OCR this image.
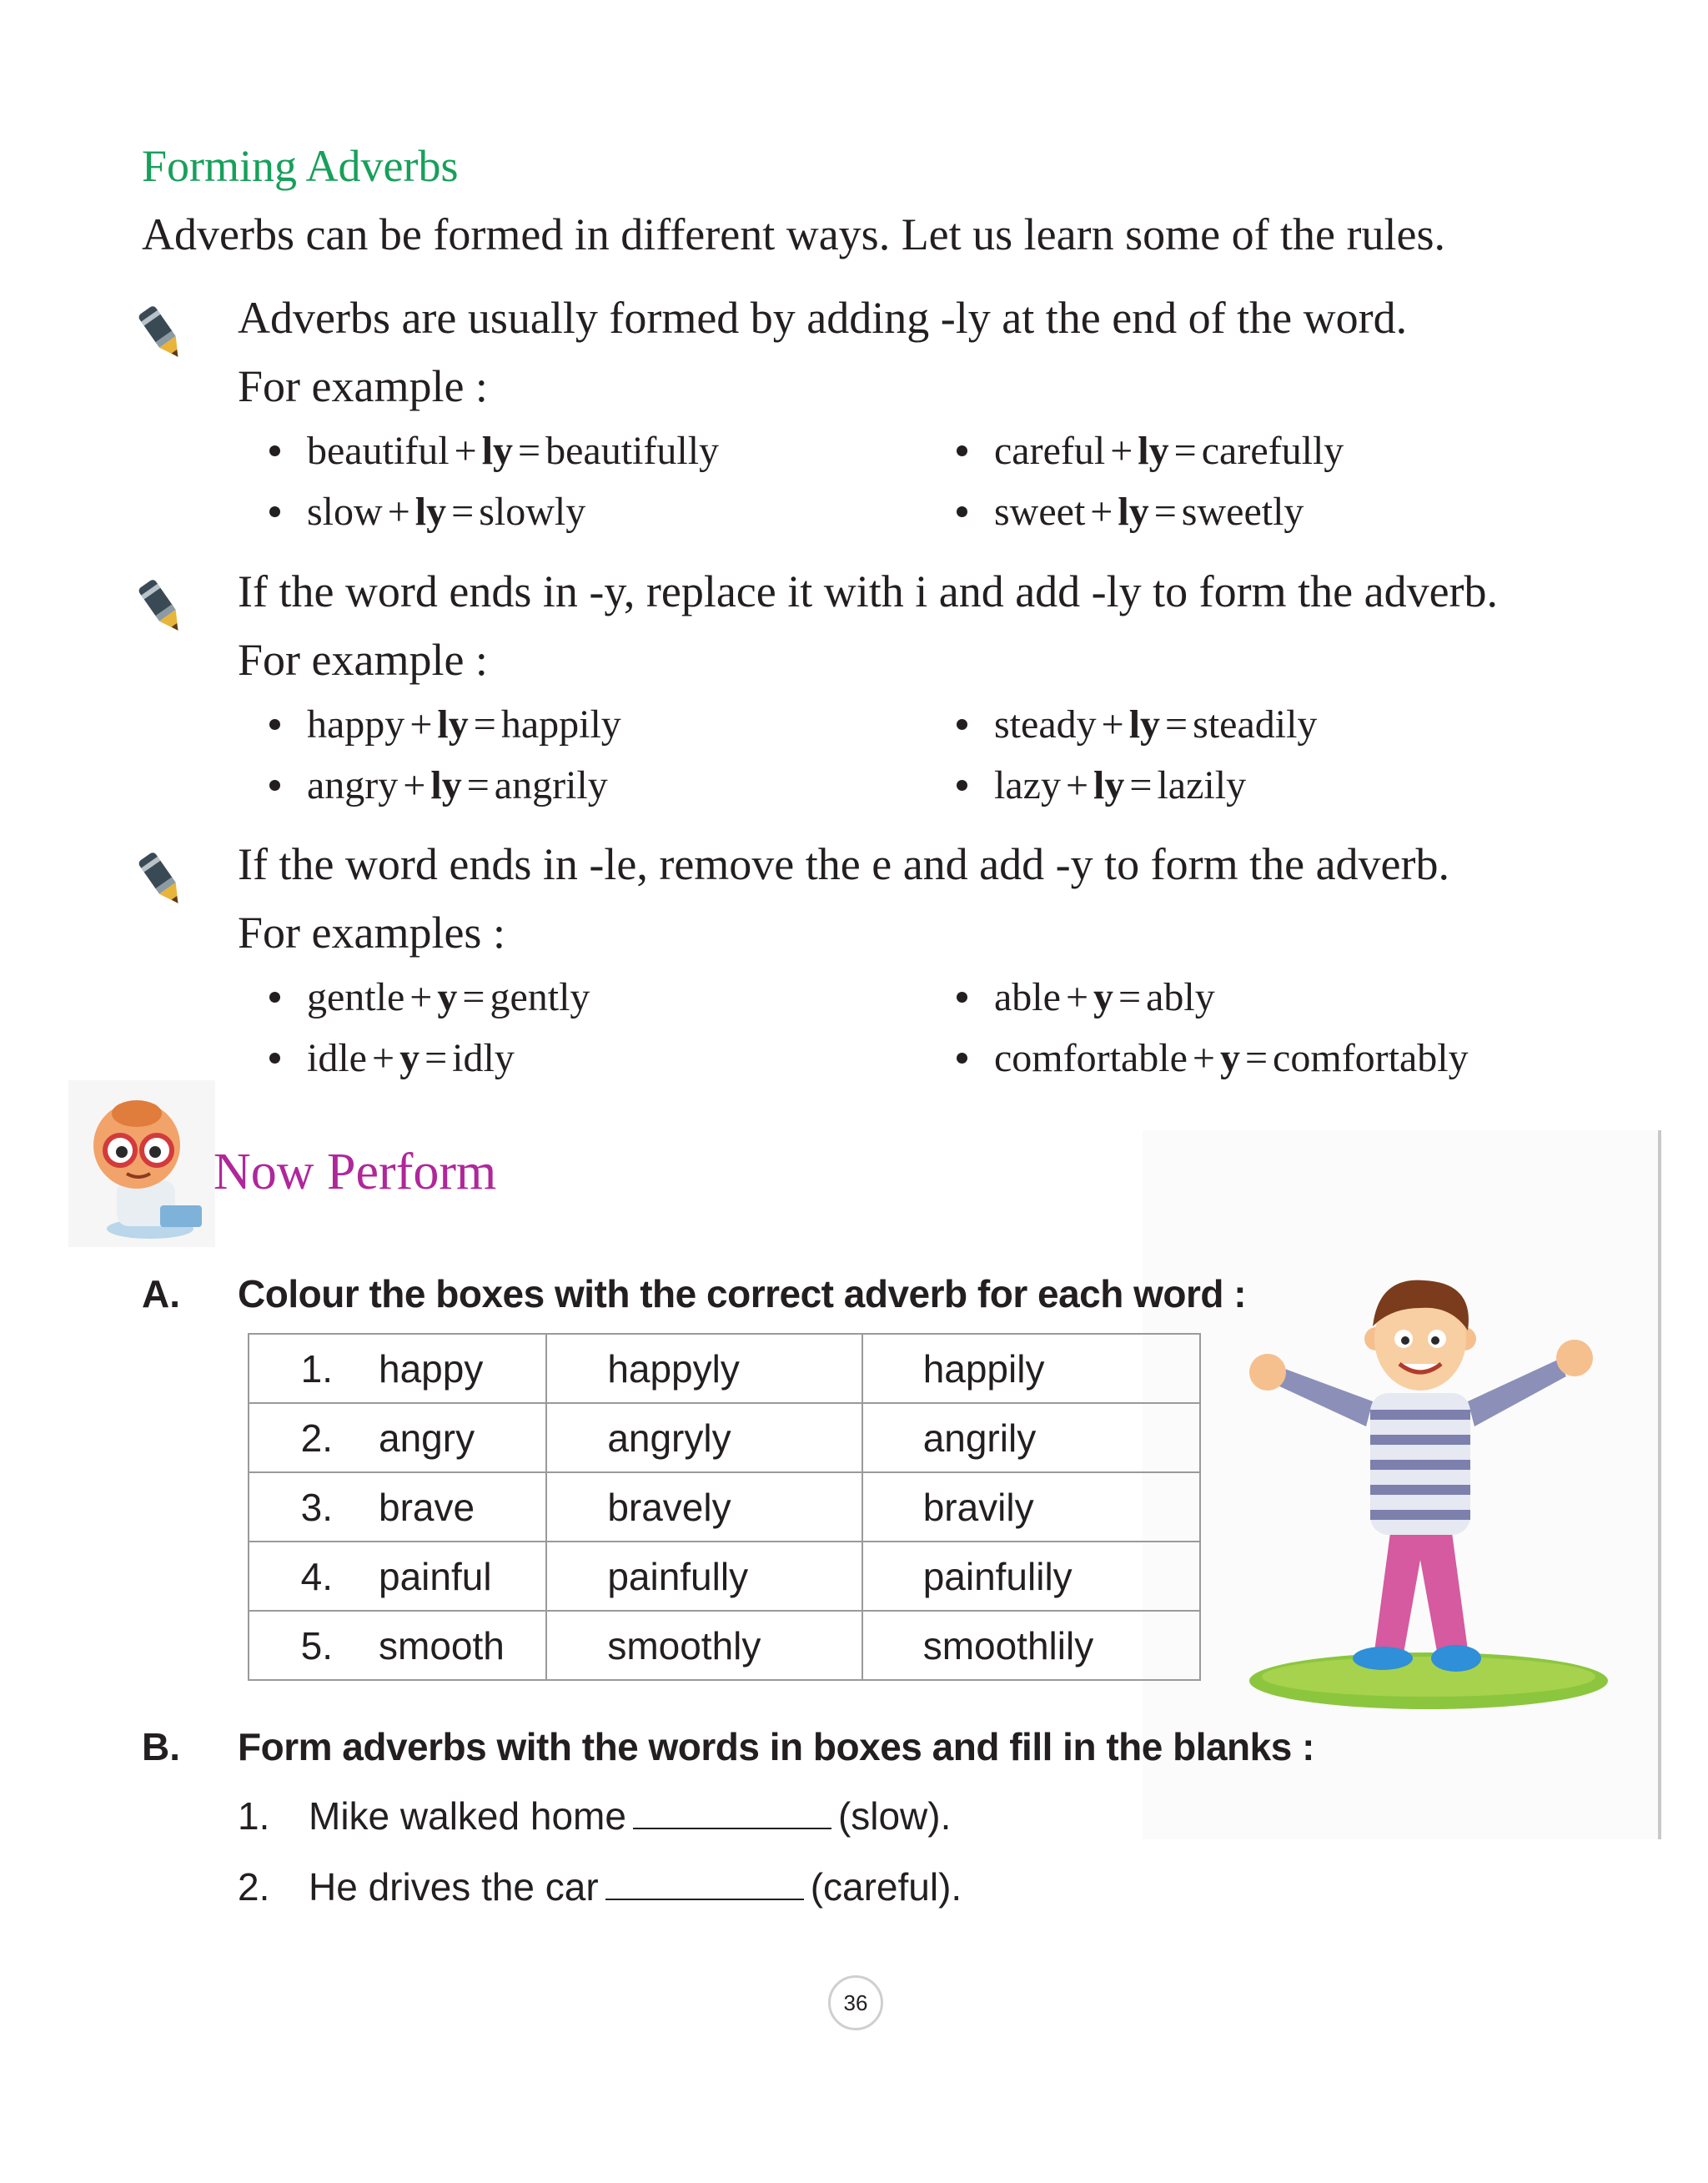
Forming Adverbs
Adverbs can be formed in different ways. Let us learn some of the rules.
Adverbs are usually formed by adding -ly at the end of the word.
For example :
beautiful + ly = beautifully	careful + ly = carefully
slow + ly = slowly	sweet + ly = sweetly
If the word ends in -y, replace it with i and add -ly to form the adverb.
For example :
happy + ly = happily	steady + ly = steadily
angry + ly = angrily	lazy + ly = lazily
If the word ends in -le, remove the e and add -y to form the adverb.
For examples :
gentle + y = gently	able + y = ably
idle + y = idly	comfortable + y = comfortably
Now Perform
A. Colour the boxes with the correct adverb for each word :
1. happy	happyly	happily
2. angry	angryly	angrily
3. brave	bravely	bravily
4. painful	painfully	painfulily
5. smooth	smoothly	smoothlily
B. Form adverbs with the words in boxes and fill in the blanks :
1.	Mike walked home	(slow).
2.	He drives the car	(careful).
36
